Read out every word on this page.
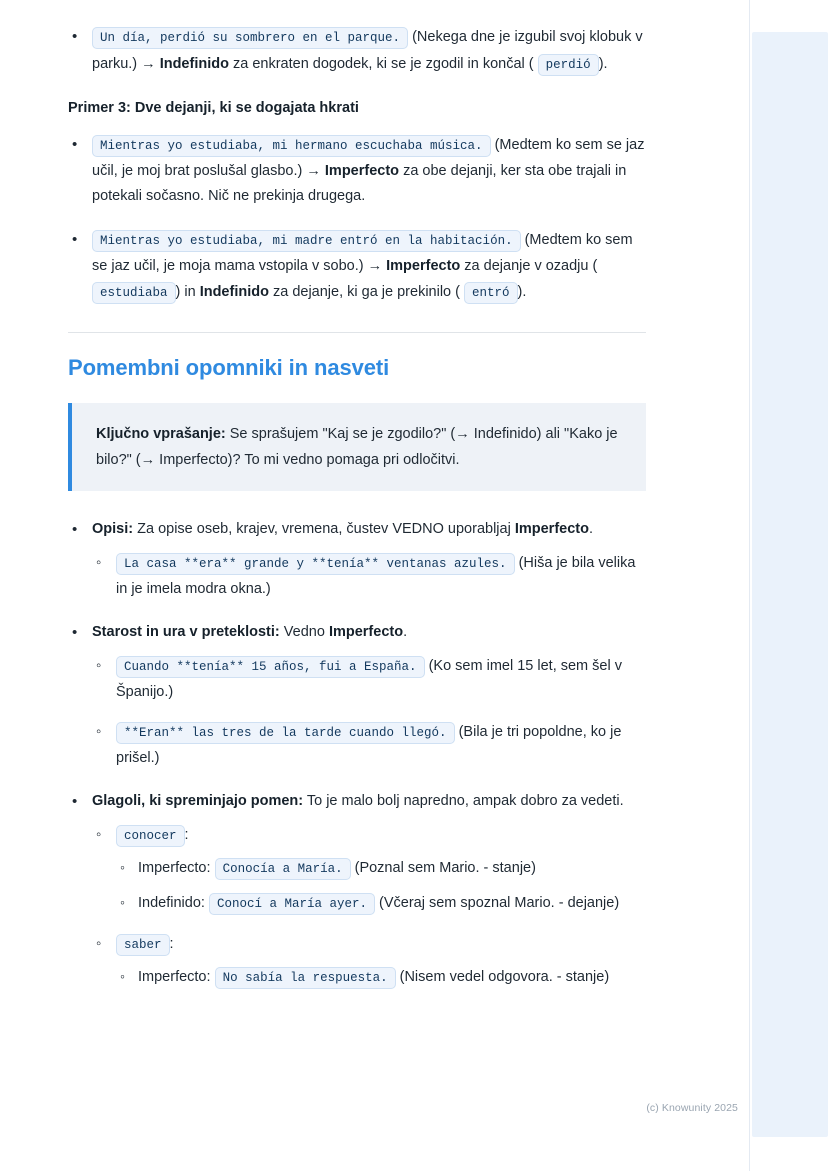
• Un día, perdió su sombrero en el parque. (Nekega dne je izgubil svoj klobuk v parku.) → Indefinido za enkraten dogodek, ki se je zgodil in končal ( perdió ).
Primer 3: Dve dejanji, ki se dogajata hkrati
• Mientras yo estudiaba, mi hermano escuchaba música. (Medtem ko sem se jaz učil, je moj brat poslušal glasbo.) → Imperfecto za obe dejanji, ker sta obe trajali in potekali sočasno. Nič ne prekinja drugega.
• Mientras yo estudiaba, mi madre entró en la habitación. (Medtem ko sem se jaz učil, je moja mama vstopila v sobo.) → Imperfecto za dejanje v ozadju ( estudiaba ) in Indefinido za dejanje, ki ga je prekinilo ( entró ).
Pomembni opomniki in nasveti
Ključno vprašanje: Se sprašujem "Kaj se je zgodilo?" (→ Indefinido) ali "Kako je bilo?" (→ Imperfecto)? To mi vedno pomaga pri odločitvi.
• Opisi: Za opise oseb, krajev, vremena, čustev VEDNO uporabljaj Imperfecto.
◦ La casa **era** grande y **tenía** ventanas azules. (Hiša je bila velika in je imela modra okna.)
• Starost in ura v preteklosti: Vedno Imperfecto.
◦ Cuando **tenía** 15 años, fui a España. (Ko sem imel 15 let, sem šel v Španijo.)
◦ **Eran** las tres de la tarde cuando llegó. (Bila je tri popoldne, ko je prišel.)
• Glagoli, ki spreminjajo pomen: To je malo bolj napredno, ampak dobro za vedeti.
◦ conocer :
◦ Imperfecto: Conocía a María. (Poznal sem Mario. - stanje)
◦ Indefinido: Conocí a María ayer. (Včeraj sem spoznal Mario. - dejanje)
◦ saber :
◦ Imperfecto: No sabía la respuesta. (Nisem vedel odgovora. - stanje)
(c) Knowunity 2025
